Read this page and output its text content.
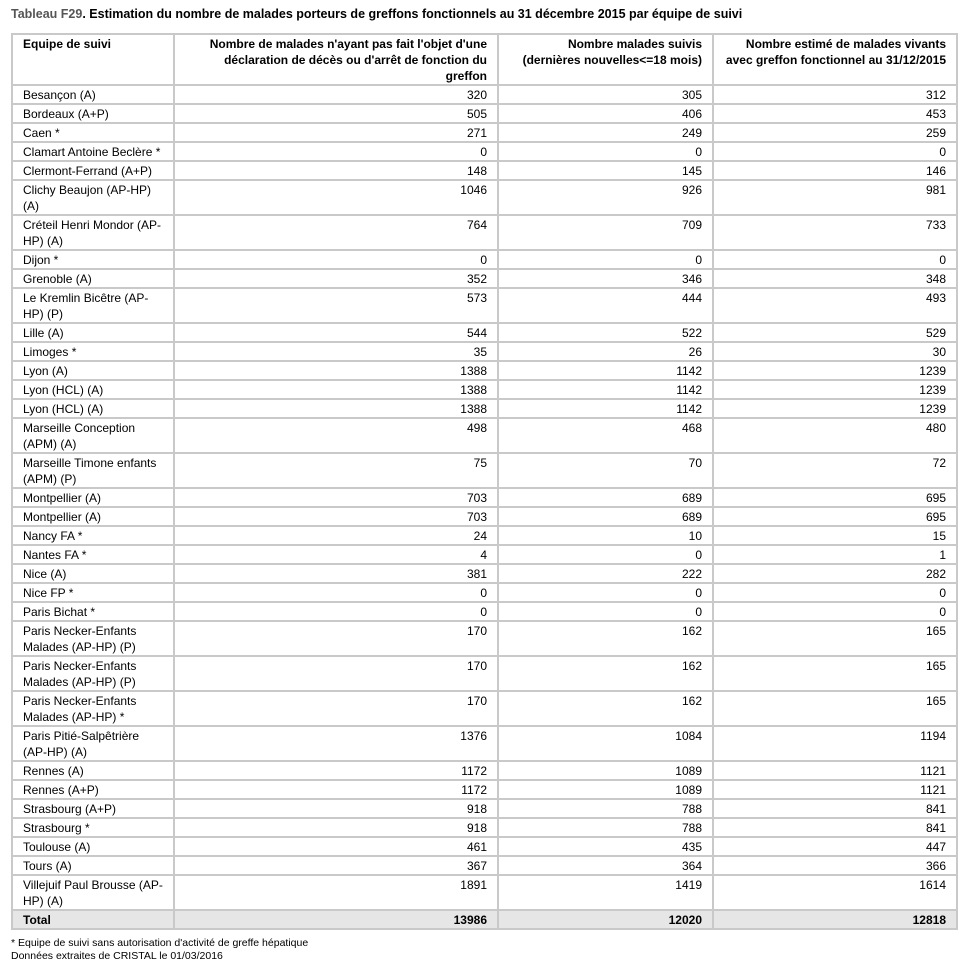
Tableau F29. Estimation du nombre de malades porteurs de greffons fonctionnels au 31 décembre 2015 par équipe de suivi
Equipe de suivi	Nombre de malades n'ayant pas fait l'objet d'une déclaration de décès ou d'arrêt de fonction du greffon	Nombre malades suivis (dernières nouvelles<=18 mois)	Nombre estimé de malades vivants avec greffon fonctionnel au 31/12/2015
Besançon (A)	320	305	312
Bordeaux (A+P)	505	406	453
Caen *	271	249	259
Clamart Antoine Beclère *	0	0	0
Clermont-Ferrand (A+P)	148	145	146
Clichy Beaujon (AP-HP) (A)	1046	926	981
Créteil Henri Mondor (AP-HP) (A)	764	709	733
Dijon *	0	0	0
Grenoble (A)	352	346	348
Le Kremlin Bicêtre (AP-HP) (P)	573	444	493
Lille (A)	544	522	529
Limoges *	35	26	30
Lyon (A)	1388	1142	1239
Lyon (HCL) (A)	1388	1142	1239
Lyon (HCL) (A)	1388	1142	1239
Marseille Conception (APM) (A)	498	468	480
Marseille Timone enfants (APM) (P)	75	70	72
Montpellier (A)	703	689	695
Montpellier (A)	703	689	695
Nancy FA *	24	10	15
Nantes FA *	4	0	1
Nice (A)	381	222	282
Nice FP *	0	0	0
Paris Bichat *	0	0	0
Paris Necker-Enfants Malades (AP-HP) (P)	170	162	165
Paris Necker-Enfants Malades (AP-HP) (P)	170	162	165
Paris Necker-Enfants Malades (AP-HP) *	170	162	165
Paris Pitié-Salpêtrière (AP-HP) (A)	1376	1084	1194
Rennes (A)	1172	1089	1121
Rennes (A+P)	1172	1089	1121
Strasbourg (A+P)	918	788	841
Strasbourg *	918	788	841
Toulouse (A)	461	435	447
Tours (A)	367	364	366
Villejuif Paul Brousse (AP-HP) (A)	1891	1419	1614
Total	13986	12020	12818
* Equipe de suivi sans autorisation d'activité de greffe hépatique
Données extraites de CRISTAL le 01/03/2016
